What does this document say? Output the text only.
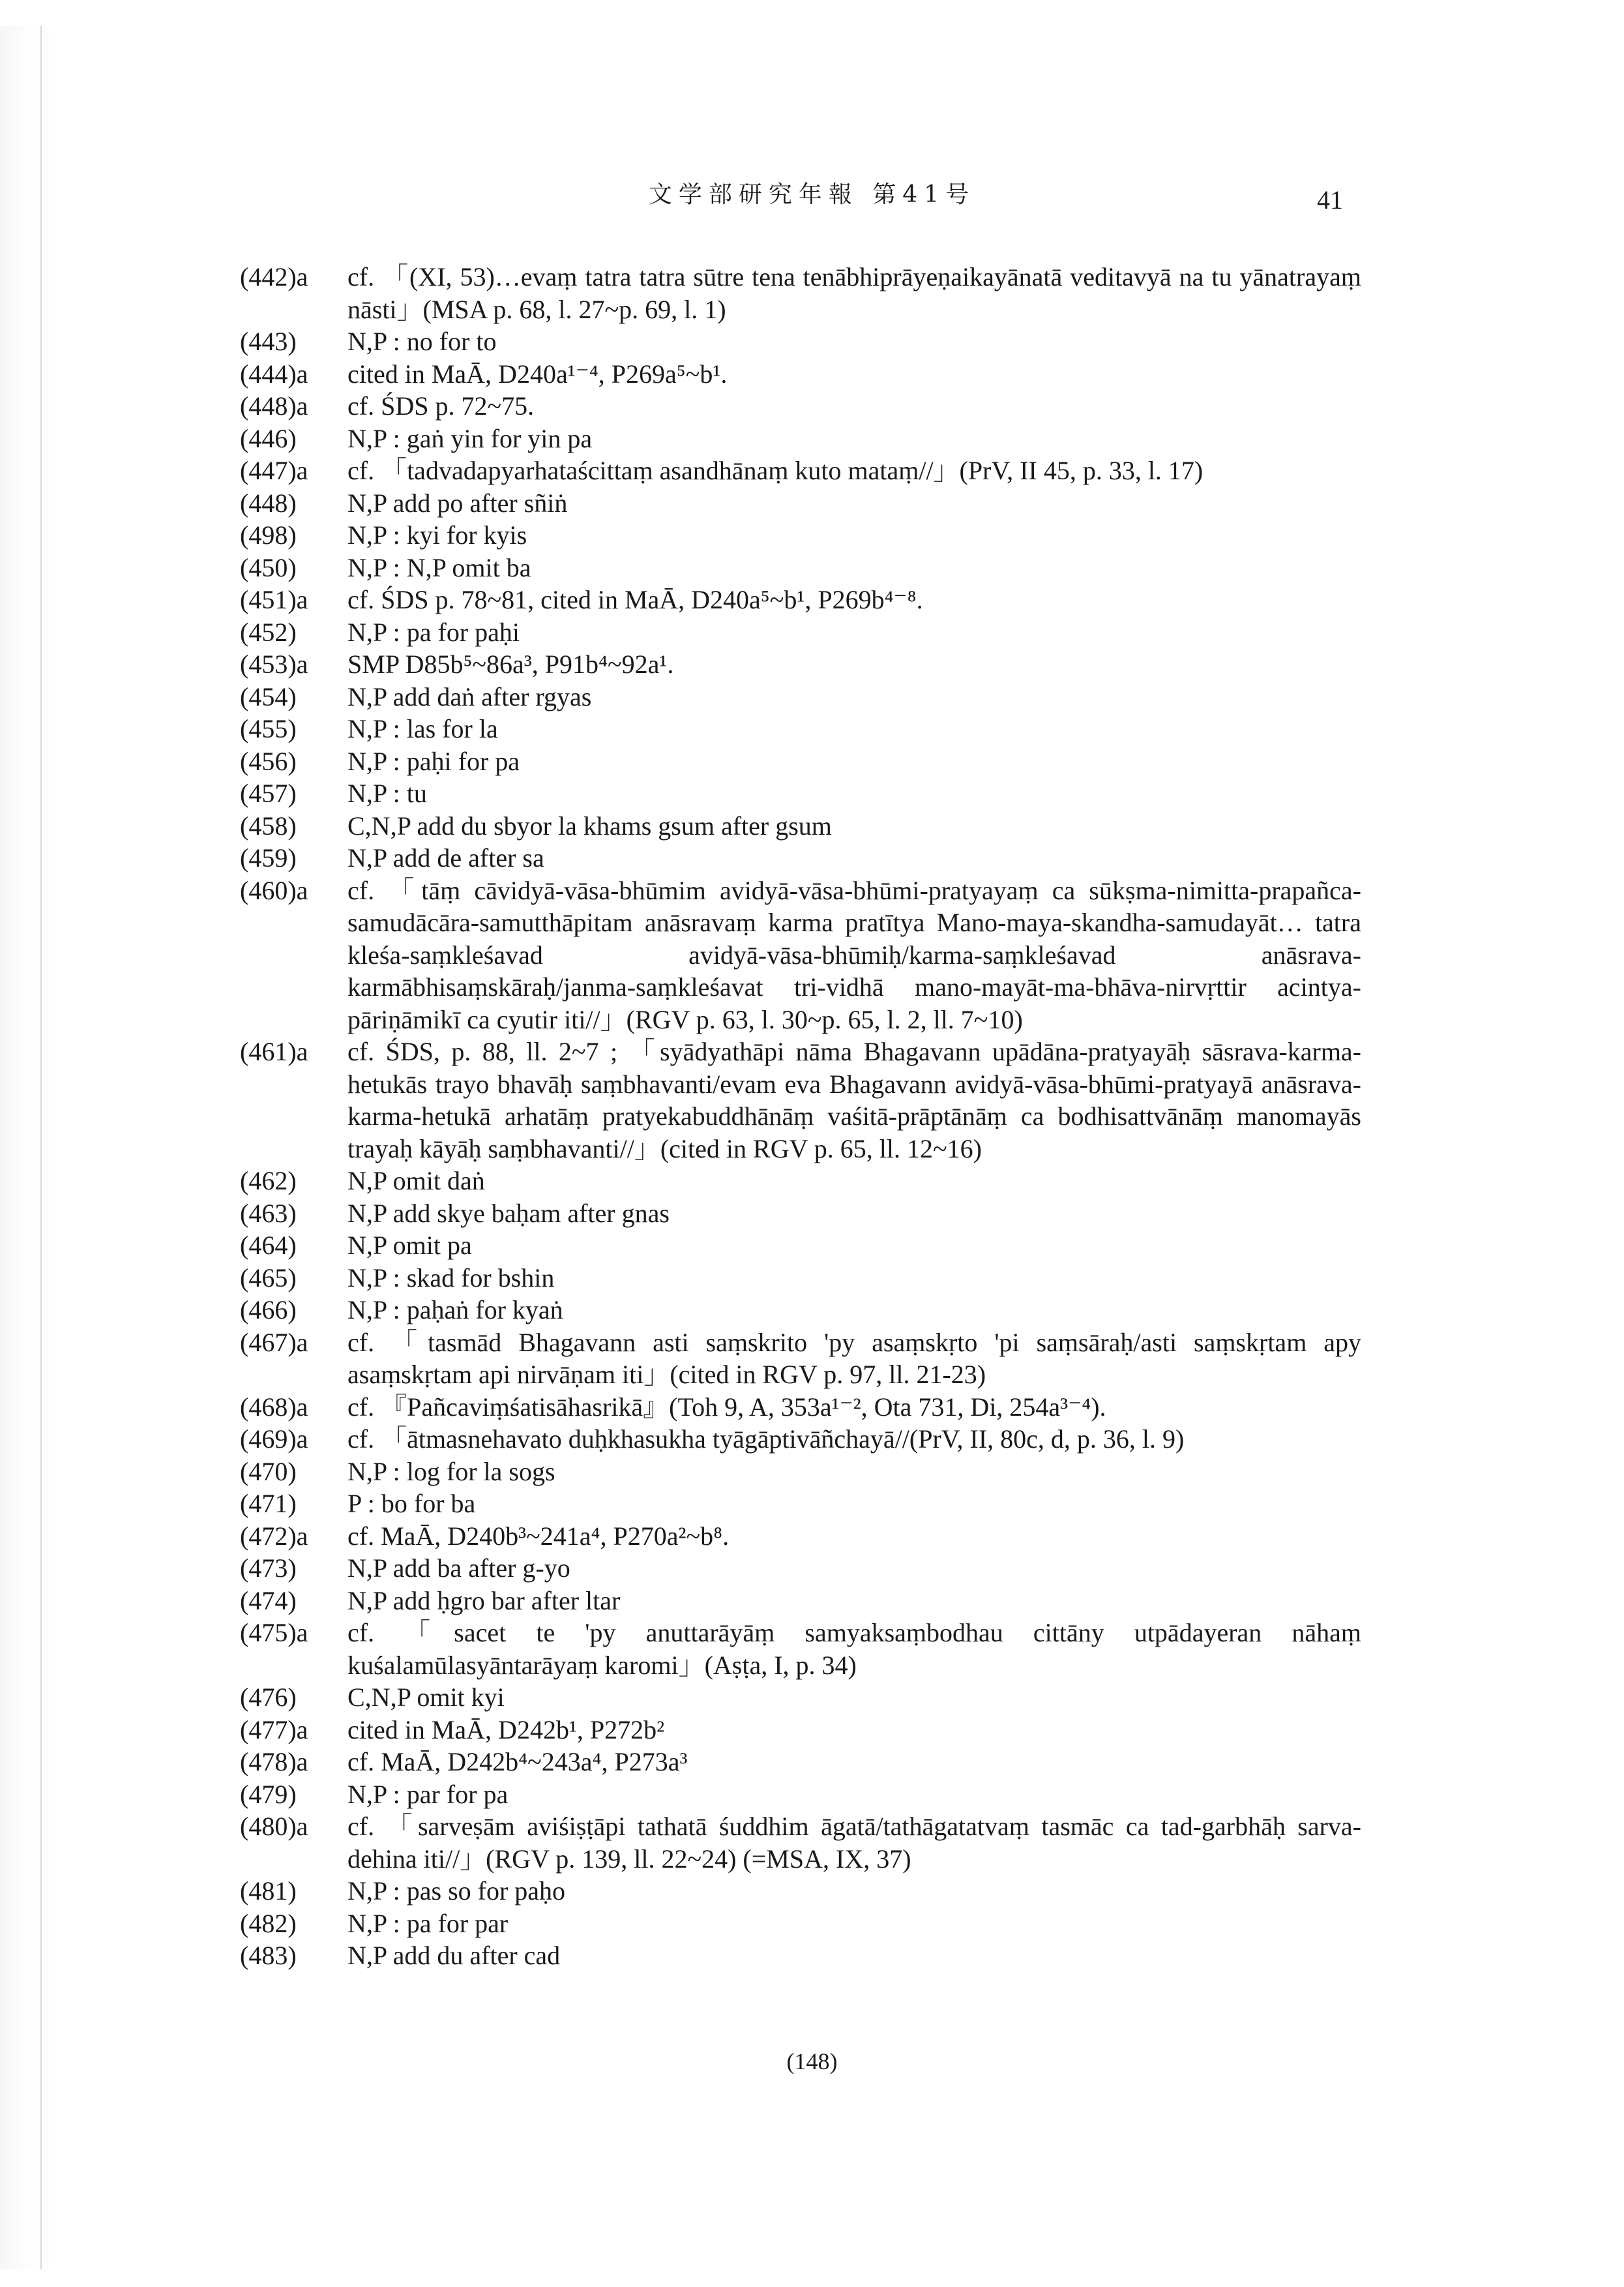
文学部研究年報 第41号	41
(442)a cf. 「(XI, 53)…evaṃ tatra tatra sūtre tena tenābhiprāyeṇaikayānatā veditavyā na tu yānatrayaṃ nāsti」(MSA p. 68, l. 27~p. 69, l. 1)
(443) N,P : no for to
(444)a cited in MaĀ, D240a¹⁻⁴, P269a⁵~b¹.
(448)a cf. ŚDS p. 72~75.
(446) N,P : gaṅ yin for yin pa
(447)a cf. 「tadvadapyarhataścittaṃ asandhānaṃ kuto mataṃ//」(PrV, II 45, p. 33, l. 17)
(448) N,P add po after sñiṅ
(498) N,P : kyi for kyis
(450) N,P : N,P omit ba
(451)a cf. ŚDS p. 78~81, cited in MaĀ, D240a⁵~b¹, P269b⁴⁻⁸.
(452) N,P : pa for paḥi
(453)a SMP D85b⁵~86a³, P91b⁴~92a¹.
(454) N,P add daṅ after rgyas
(455) N,P : las for la
(456) N,P : paḥi for pa
(457) N,P : tu
(458) C,N,P add du sbyor la khams gsum after gsum
(459) N,P add de after sa
(460)a cf. 「tāṃ cāvidyā-vāsa-bhūmim avidyā-vāsa-bhūmi-pratyayaṃ ca sūkṣma-nimitta-prapañca-samudācāra-samutthāpitam anāsravaṃ karma pratītya Mano-maya-skandha-samudayāt… tatra kleśa-saṃkleśavad avidyā-vāsa-bhūmiḥ/karma-saṃkleśavad anāsrava-karmābhisaṃskāraḥ/janma-saṃkleśavat tri-vidhā mano-mayāt-ma-bhāva-nirvṛttir acintya-pāriṇāmikī ca cyutir iti//」(RGV p. 63, l. 30~p. 65, l. 2, ll. 7~10)
(461)a cf. ŚDS, p. 88, ll. 2~7 ; 「syādyathāpi nāma Bhagavann upādāna-pratyayāḥ sāsrava-karma-hetukās trayo bhavāḥ saṃbhavanti/evam eva Bhagavann avidyā-vāsa-bhūmi-pratyayā anāsrava-karma-hetukā arhatāṃ pratyekabuddhānāṃ vaśitā-prāptānāṃ ca bodhisattvānāṃ manomayās trayaḥ kāyāḥ saṃbhavanti//」(cited in RGV p. 65, ll. 12~16)
(462) N,P omit daṅ
(463) N,P add skye baḥam after gnas
(464) N,P omit pa
(465) N,P : skad for bshin
(466) N,P : paḥaṅ for kyaṅ
(467)a cf. 「tasmād Bhagavann asti saṃskrito 'py asaṃskṛto 'pi saṃsāraḥ/asti saṃskṛtam apy asaṃskṛtam api nirvāṇam iti」(cited in RGV p. 97, ll. 21-23)
(468)a cf. 『Pañcaviṃśatisāhasrikā』(Toh 9, A, 353a¹⁻², Ota 731, Di, 254a³⁻⁴).
(469)a cf. 「ātmasnehavato duḥkhasukha tyāgāptivāñchayā//(PrV, II, 80c, d, p. 36, l. 9)
(470) N,P : log for la sogs
(471) P : bo for ba
(472)a cf. MaĀ, D240b³~241a⁴, P270a²~b⁸.
(473) N,P add ba after g-yo
(474) N,P add ḥgro bar after ltar
(475)a cf. 「sacet te 'py anuttarāyāṃ samyaksaṃbodhau cittāny utpādayeran nāhaṃ kuśalamūlasyāntarāyaṃ karomi」(Aṣṭa, I, p. 34)
(476) C,N,P omit kyi
(477)a cited in MaĀ, D242b¹, P272b²
(478)a cf. MaĀ, D242b⁴~243a⁴, P273a³
(479) N,P : par for pa
(480)a cf. 「sarveṣām aviśiṣṭāpi tathatā śuddhim āgatā/tathāgatatvaṃ tasmāc ca tad-garbhāḥ sarva-dehina iti//」(RGV p. 139, ll. 22~24) (=MSA, IX, 37)
(481) N,P : pas so for paḥo
(482) N,P : pa for par
(483) N,P add du after cad
(148)
